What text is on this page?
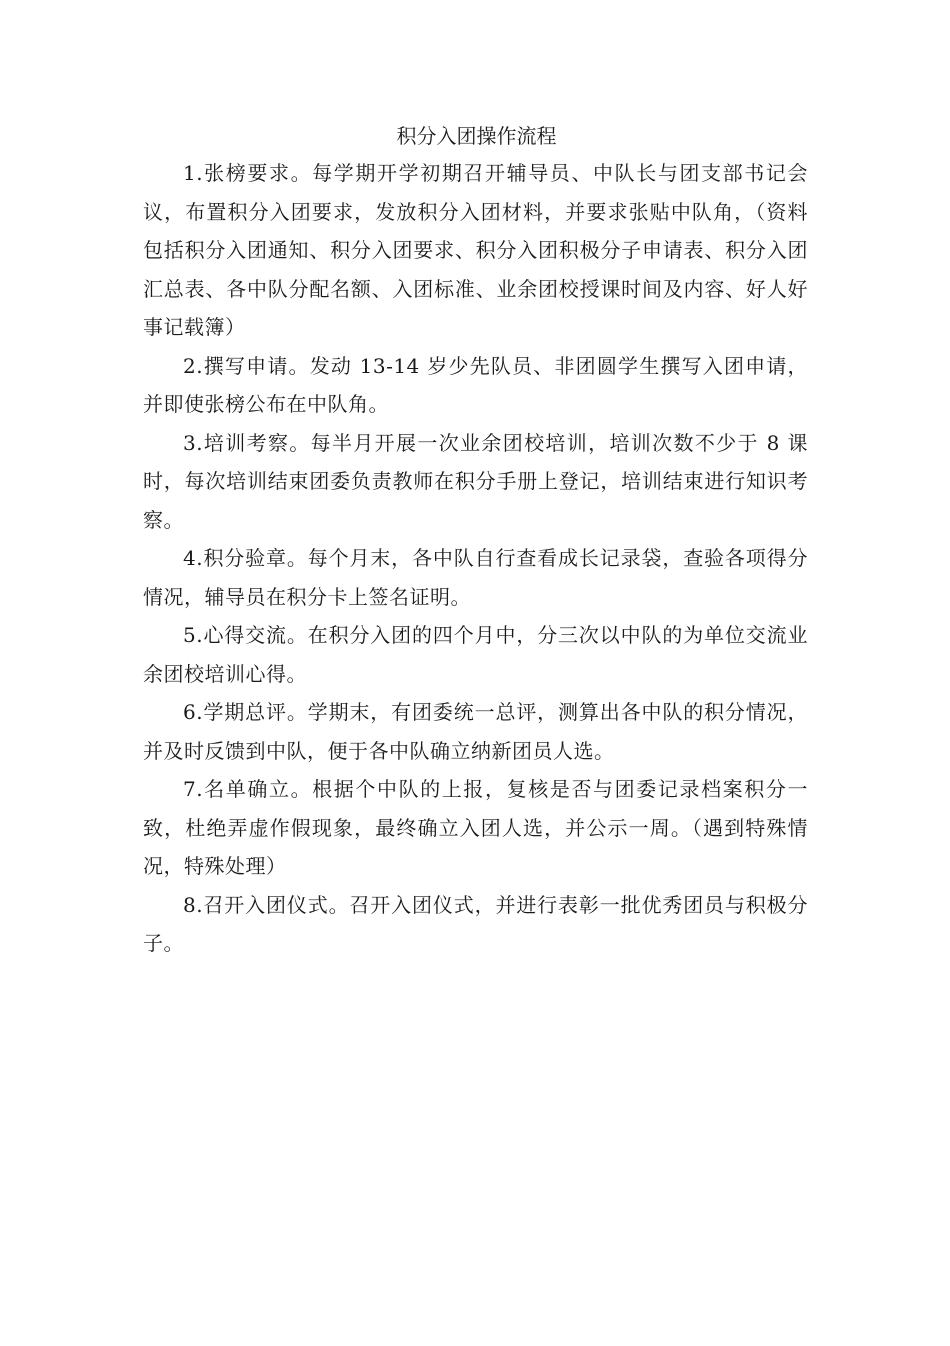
积分入团操作流程

1.张榜要求。每学期开学初期召开辅导员、中队长与团支部书记会议，布置积分入团要求，发放积分入团材料，并要求张贴中队角，（资料包括积分入团通知、积分入团要求、积分入团积极分子申请表、积分入团汇总表、各中队分配名额、入团标准、业余团校授课时间及内容、好人好事记载簿）

2.撰写申请。发动 13-14 岁少先队员、非团圆学生撰写入团申请，并即使张榜公布在中队角。

3.培训考察。每半月开展一次业余团校培训，培训次数不少于 8 课时，每次培训结束团委负责教师在积分手册上登记，培训结束进行知识考察。

4.积分验章。每个月末，各中队自行查看成长记录袋，查验各项得分情况，辅导员在积分卡上签名证明。

5.心得交流。在积分入团的四个月中，分三次以中队的为单位交流业余团校培训心得。

6.学期总评。学期末，有团委统一总评，测算出各中队的积分情况，并及时反馈到中队，便于各中队确立纳新团员人选。

7.名单确立。根据个中队的上报，复核是否与团委记录档案积分一致，杜绝弄虚作假现象，最终确立入团人选，并公示一周。（遇到特殊情况，特殊处理）

8.召开入团仪式。召开入团仪式，并进行表彰一批优秀团员与积极分子。
